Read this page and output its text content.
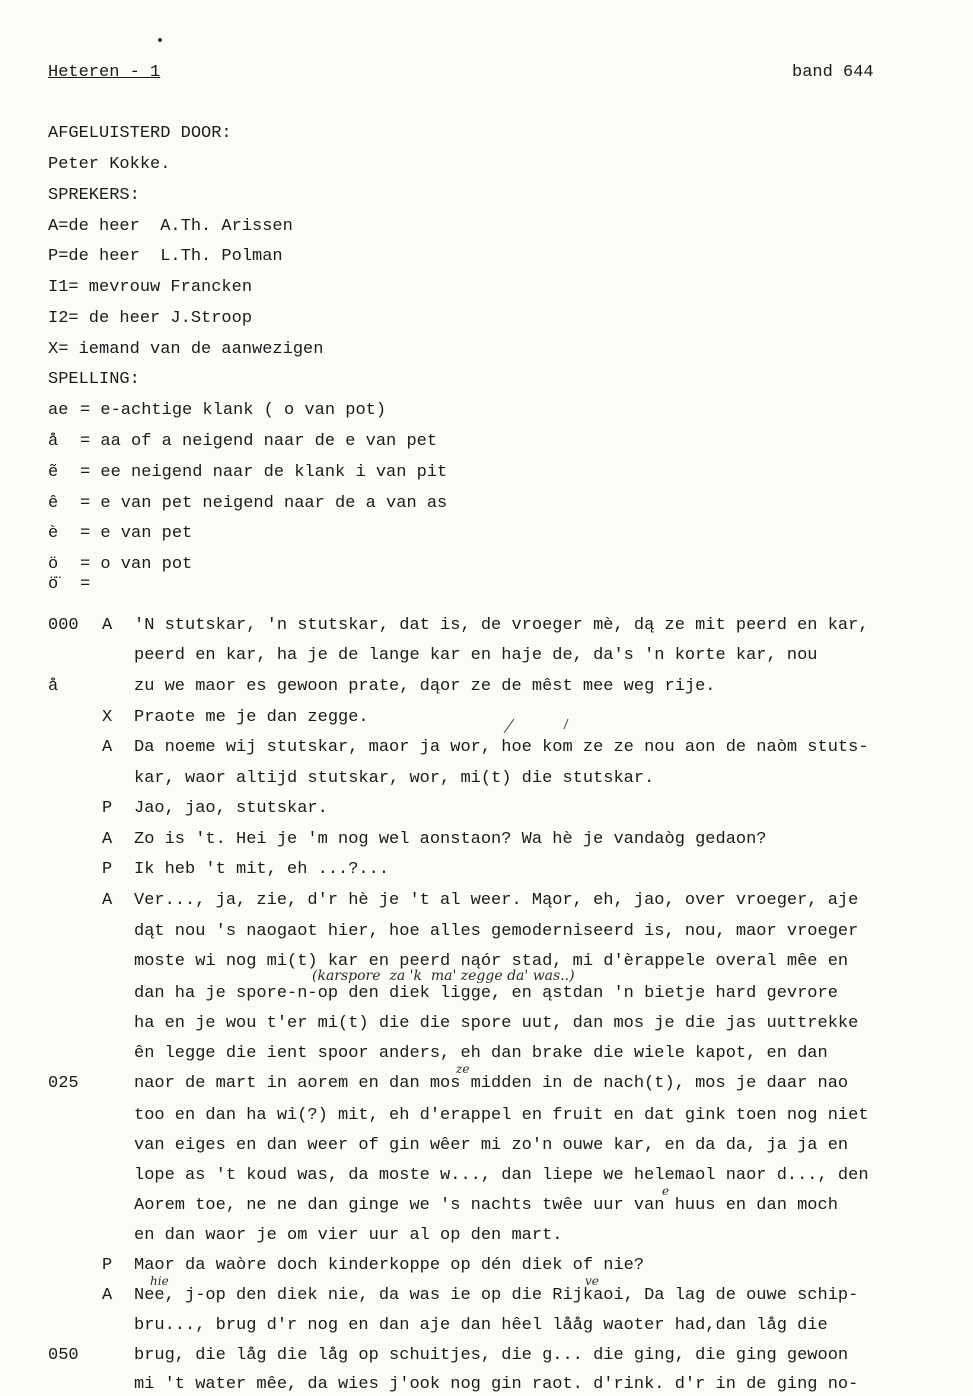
Heteren - 1	band 644
AFGELUISTERD DOOR:
Peter Kokke.
SPREKERS:
A=de heer  A.Th. Arissen
P=de heer  L.Th. Polman
I1= mevrouw Francken
I2= de heer J.Stroop
X= iemand van de aanwezigen
SPELLING:
ae = e-achtige klank ( o van pot)
å = aa of a neigend naar de e van pet
ẽ = ee neigend naar de klank i van pit
ê = e van pet neigend naar de a van as
è = e van pet
ö = o van pot
ö̈ =
000 A 'N stutskar, 'n stutskar, dat is, de vroeger mè, dą ze mit peerd en kar,
peerd en kar, ha je de lange kar en haje de, da's 'n korte kar, nou
å	zu we maor es gewoon prate, dąor ze de mêst mee weg rije.
X Praote me je dan zegge.
A Da noeme wij stutskar, maor ja wor, hoe kom ze ze nou aon de naòm stuts-
kar, waor altijd stutskar, wor, mi(t) die stutskar.
P Jao, jao, stutskar.
A Zo is 't. Hei je 'm nog wel aonstaon? Wa hè je vandaòg gedaon?
P Ik heb 't mit, eh ...?...
A Ver..., ja, zie, d'r hè je 't al weer. Mąor, eh, jao, over vroeger, aje
dąt nou 's naogaot hier, hoe alles gemoderniseerd is, nou, maor vroeger
moste wi nog mi(t) kar en peerd nąór stad, mi d'èrappele overal mêe en
dan ha je spore-n-op den diek ligge, en ąstdan 'n bietje hard gevrore
ha en je wou t'er mi(t) die die spore uut, dan mos je die jas uuttrekke
ên legge die ient spoor anders, eh dan brake die wiele kapot, en dan
025	naor de mart in aorem en dan mos midden in de nach(t), mos je daar nao
too en dan ha wi(?) mit, eh d'erappel en fruit en dat gink toen nog niet
van eiges en dan weer of gin wêer mi zo'n ouwe kar, en da da, ja ja en
lope as 't koud was, da moste w..., dan liepe we helemaol naor d..., den
Aorem toe, ne ne dan ginge we 's nachts twêe uur van huus en dan moch
en dan waor je om vier uur al op den mart.
P Maor da waòre doch kinderkoppe op dén diek of nie?
A Nee, j-op den diek nie, da was ie op die Rijkaoi, Da lag de ouwe schip-
bru..., brug d'r nog en dan aje dan hêel lååg waoter had,dan låg die
050	brug, die låg die låg op schuitjes, die g... die ging, die ging gewoon
mi 't water mêe, da wies j'ook nog gin raot. d'rink. d'r in de ging no-
(karspore  za 'k  ma' zegge da' was..)
hie	ve
ze
e
